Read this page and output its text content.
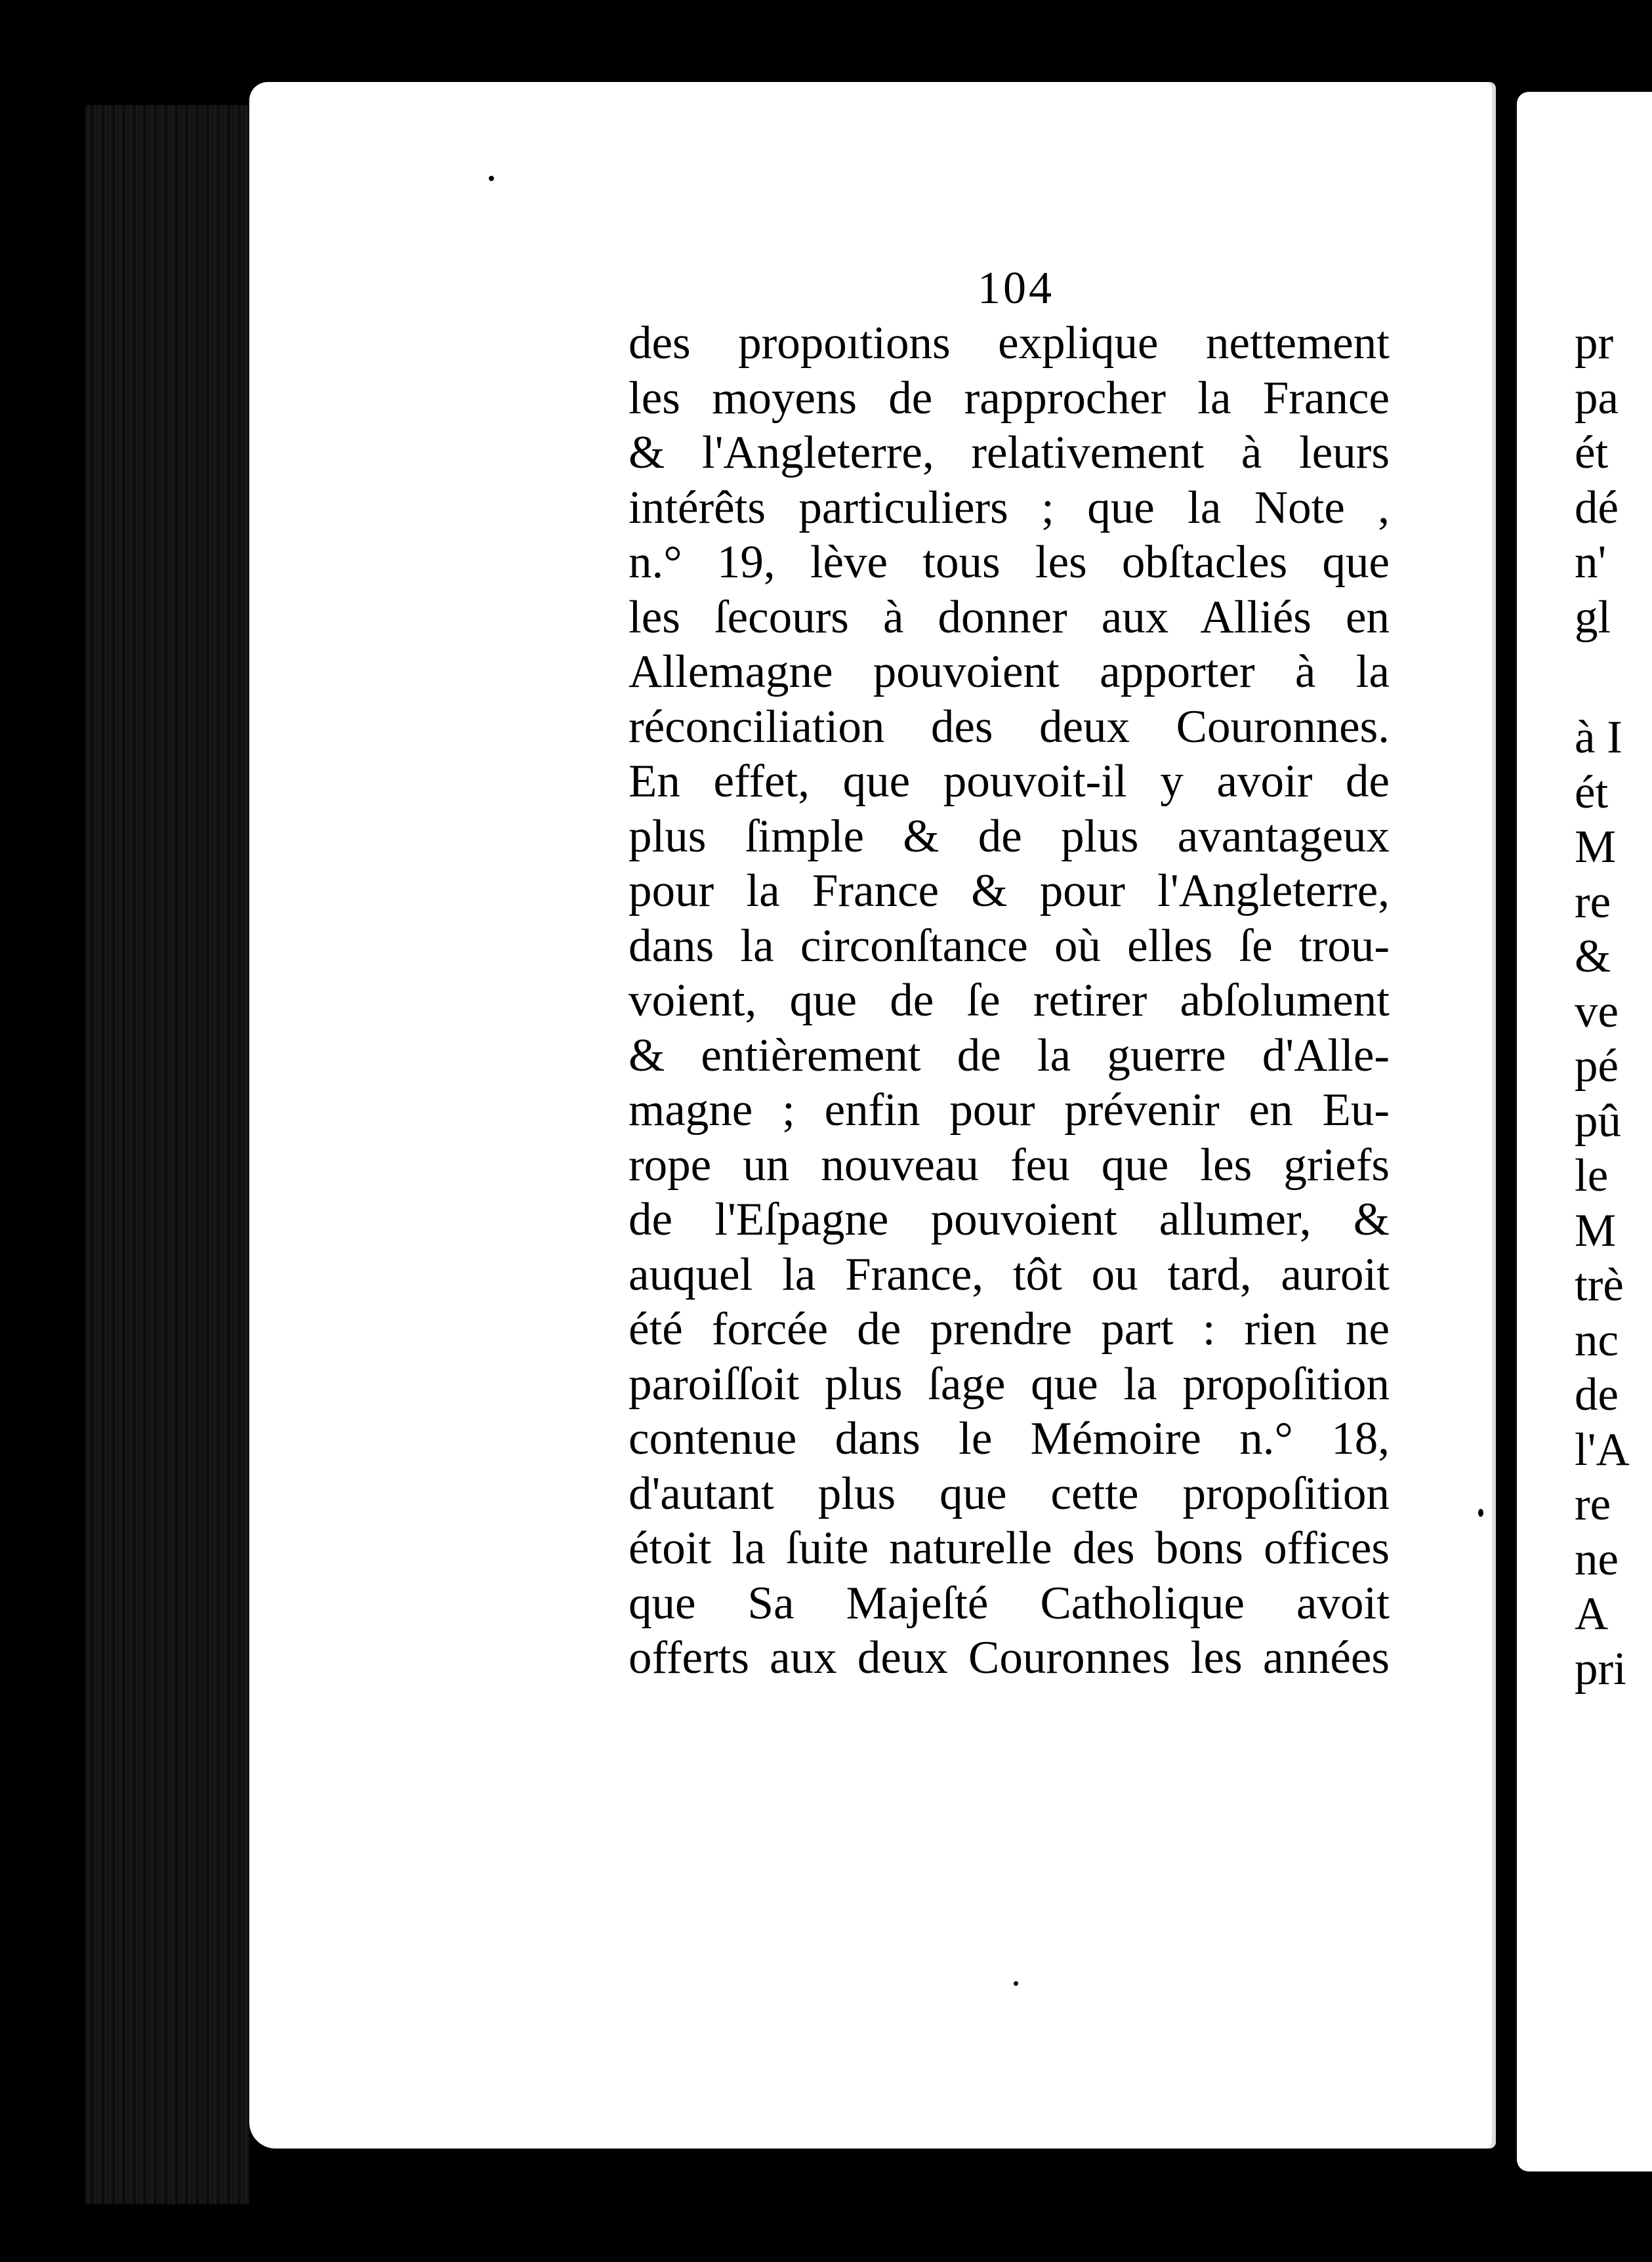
104
des propoıtions explique nettement
les moyens de rapprocher la France
& l'Angleterre, relativement à leurs
intérêts particuliers ; que la Note ,
n.° 19, lève tous les obſtacles que
les ſecours à donner aux Alliés en
Allemagne pouvoient apporter à la
réconciliation des deux Couronnes.
En effet, que pouvoit-il y avoir de
plus ſimple & de plus avantageux
pour la France & pour l'Angleterre,
dans la circonſtance où elles ſe trou-
voient, que de ſe retirer abſolument
& entièrement de la guerre d'Alle-
magne ; enfin pour prévenir en Eu-
rope un nouveau feu que les griefs
de l'Eſpagne pouvoient allumer, &
auquel la France, tôt ou tard, auroit
été forcée de prendre part : rien ne
paroiſſoit plus ſage que la propoſition
contenue dans le Mémoire n.° 18,
d'autant plus que cette propoſition
étoit la ſuite naturelle des bons offices
que Sa Majeſté Catholique avoit
offerts aux deux Couronnes les années
pr
pa
ét
dé
n'
gl
à I
ét
M
re
&
ve
pé
pû
le
M
trè
nc
de
l'A
re
ne
A
pri
